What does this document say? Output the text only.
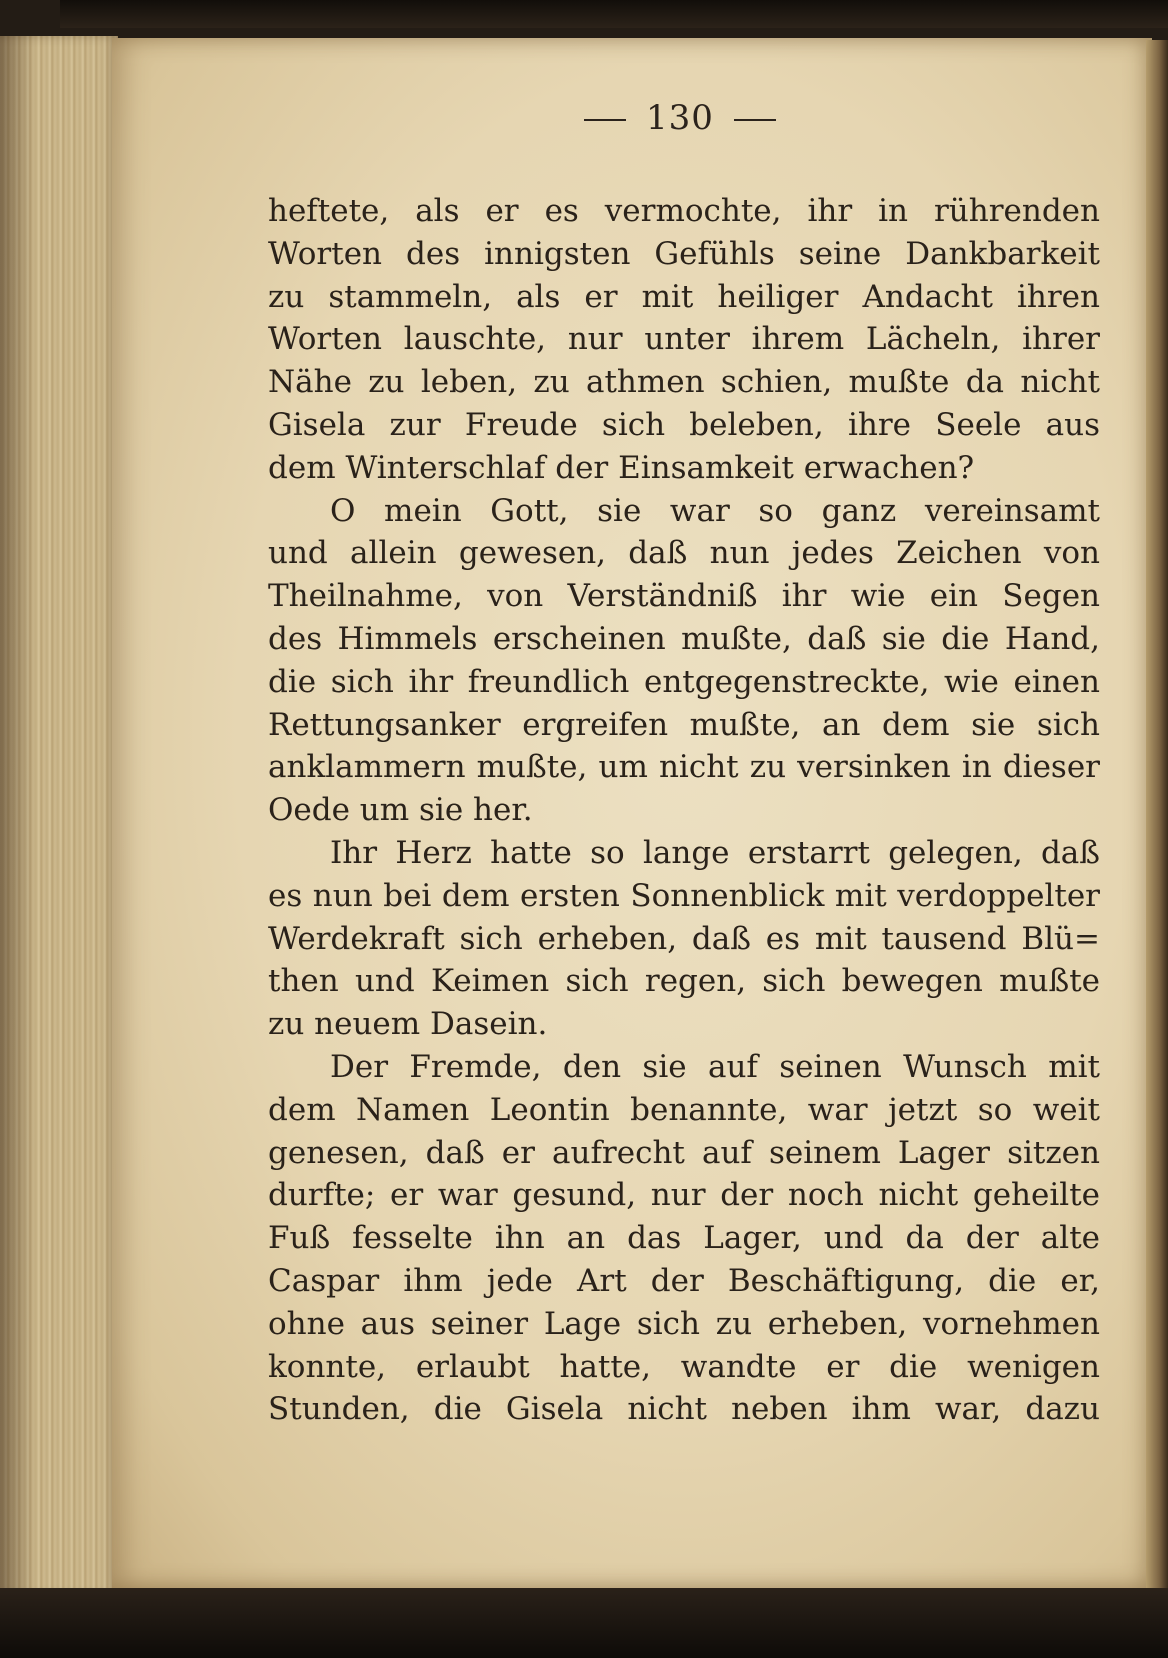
130
heftete, als er es vermochte, ihr in rührenden
Worten des innigsten Gefühls seine Dankbarkeit
zu stammeln, als er mit heiliger Andacht ihren
Worten lauschte, nur unter ihrem Lächeln, ihrer
Nähe zu leben, zu athmen schien, mußte da nicht
Gisela zur Freude sich beleben, ihre Seele aus
dem Winterschlaf der Einsamkeit erwachen?
O mein Gott, sie war so ganz vereinsamt
und allein gewesen, daß nun jedes Zeichen von
Theilnahme, von Verständniß ihr wie ein Segen
des Himmels erscheinen mußte, daß sie die Hand,
die sich ihr freundlich entgegenstreckte, wie einen
Rettungsanker ergreifen mußte, an dem sie sich
anklammern mußte, um nicht zu versinken in dieser
Oede um sie her.
Ihr Herz hatte so lange erstarrt gelegen, daß
es nun bei dem ersten Sonnenblick mit verdoppelter
Werdekraft sich erheben, daß es mit tausend Blü=
then und Keimen sich regen, sich bewegen mußte
zu neuem Dasein.
Der Fremde, den sie auf seinen Wunsch mit
dem Namen Leontin benannte, war jetzt so weit
genesen, daß er aufrecht auf seinem Lager sitzen
durfte; er war gesund, nur der noch nicht geheilte
Fuß fesselte ihn an das Lager, und da der alte
Caspar ihm jede Art der Beschäftigung, die er,
ohne aus seiner Lage sich zu erheben, vornehmen
konnte, erlaubt hatte, wandte er die wenigen
Stunden, die Gisela nicht neben ihm war, dazu
